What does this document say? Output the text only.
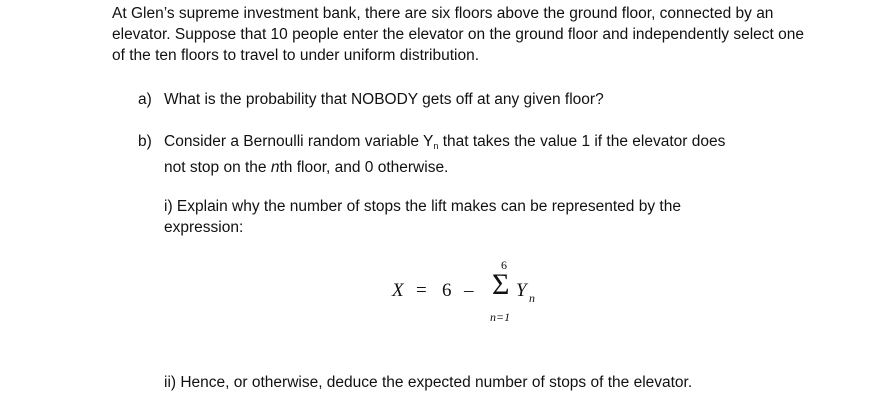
At Glen’s supreme investment bank, there are six floors above the ground floor, connected by an elevator. Suppose that 10 people enter the elevator on the ground floor and independently select one of the ten floors to travel to under uniform distribution.

a) What is the probability that NOBODY gets off at any given floor?
b) Consider a Bernoulli random variable Yn that takes the value 1 if the elevator does
not stop on the nth floor, and 0 otherwise.
i) Explain why the number of stops the lift makes can be represented by the expression:
X = 6 –
6
Σ Y n
n=1
ii) Hence, or otherwise, deduce the expected number of stops of the elevator.
